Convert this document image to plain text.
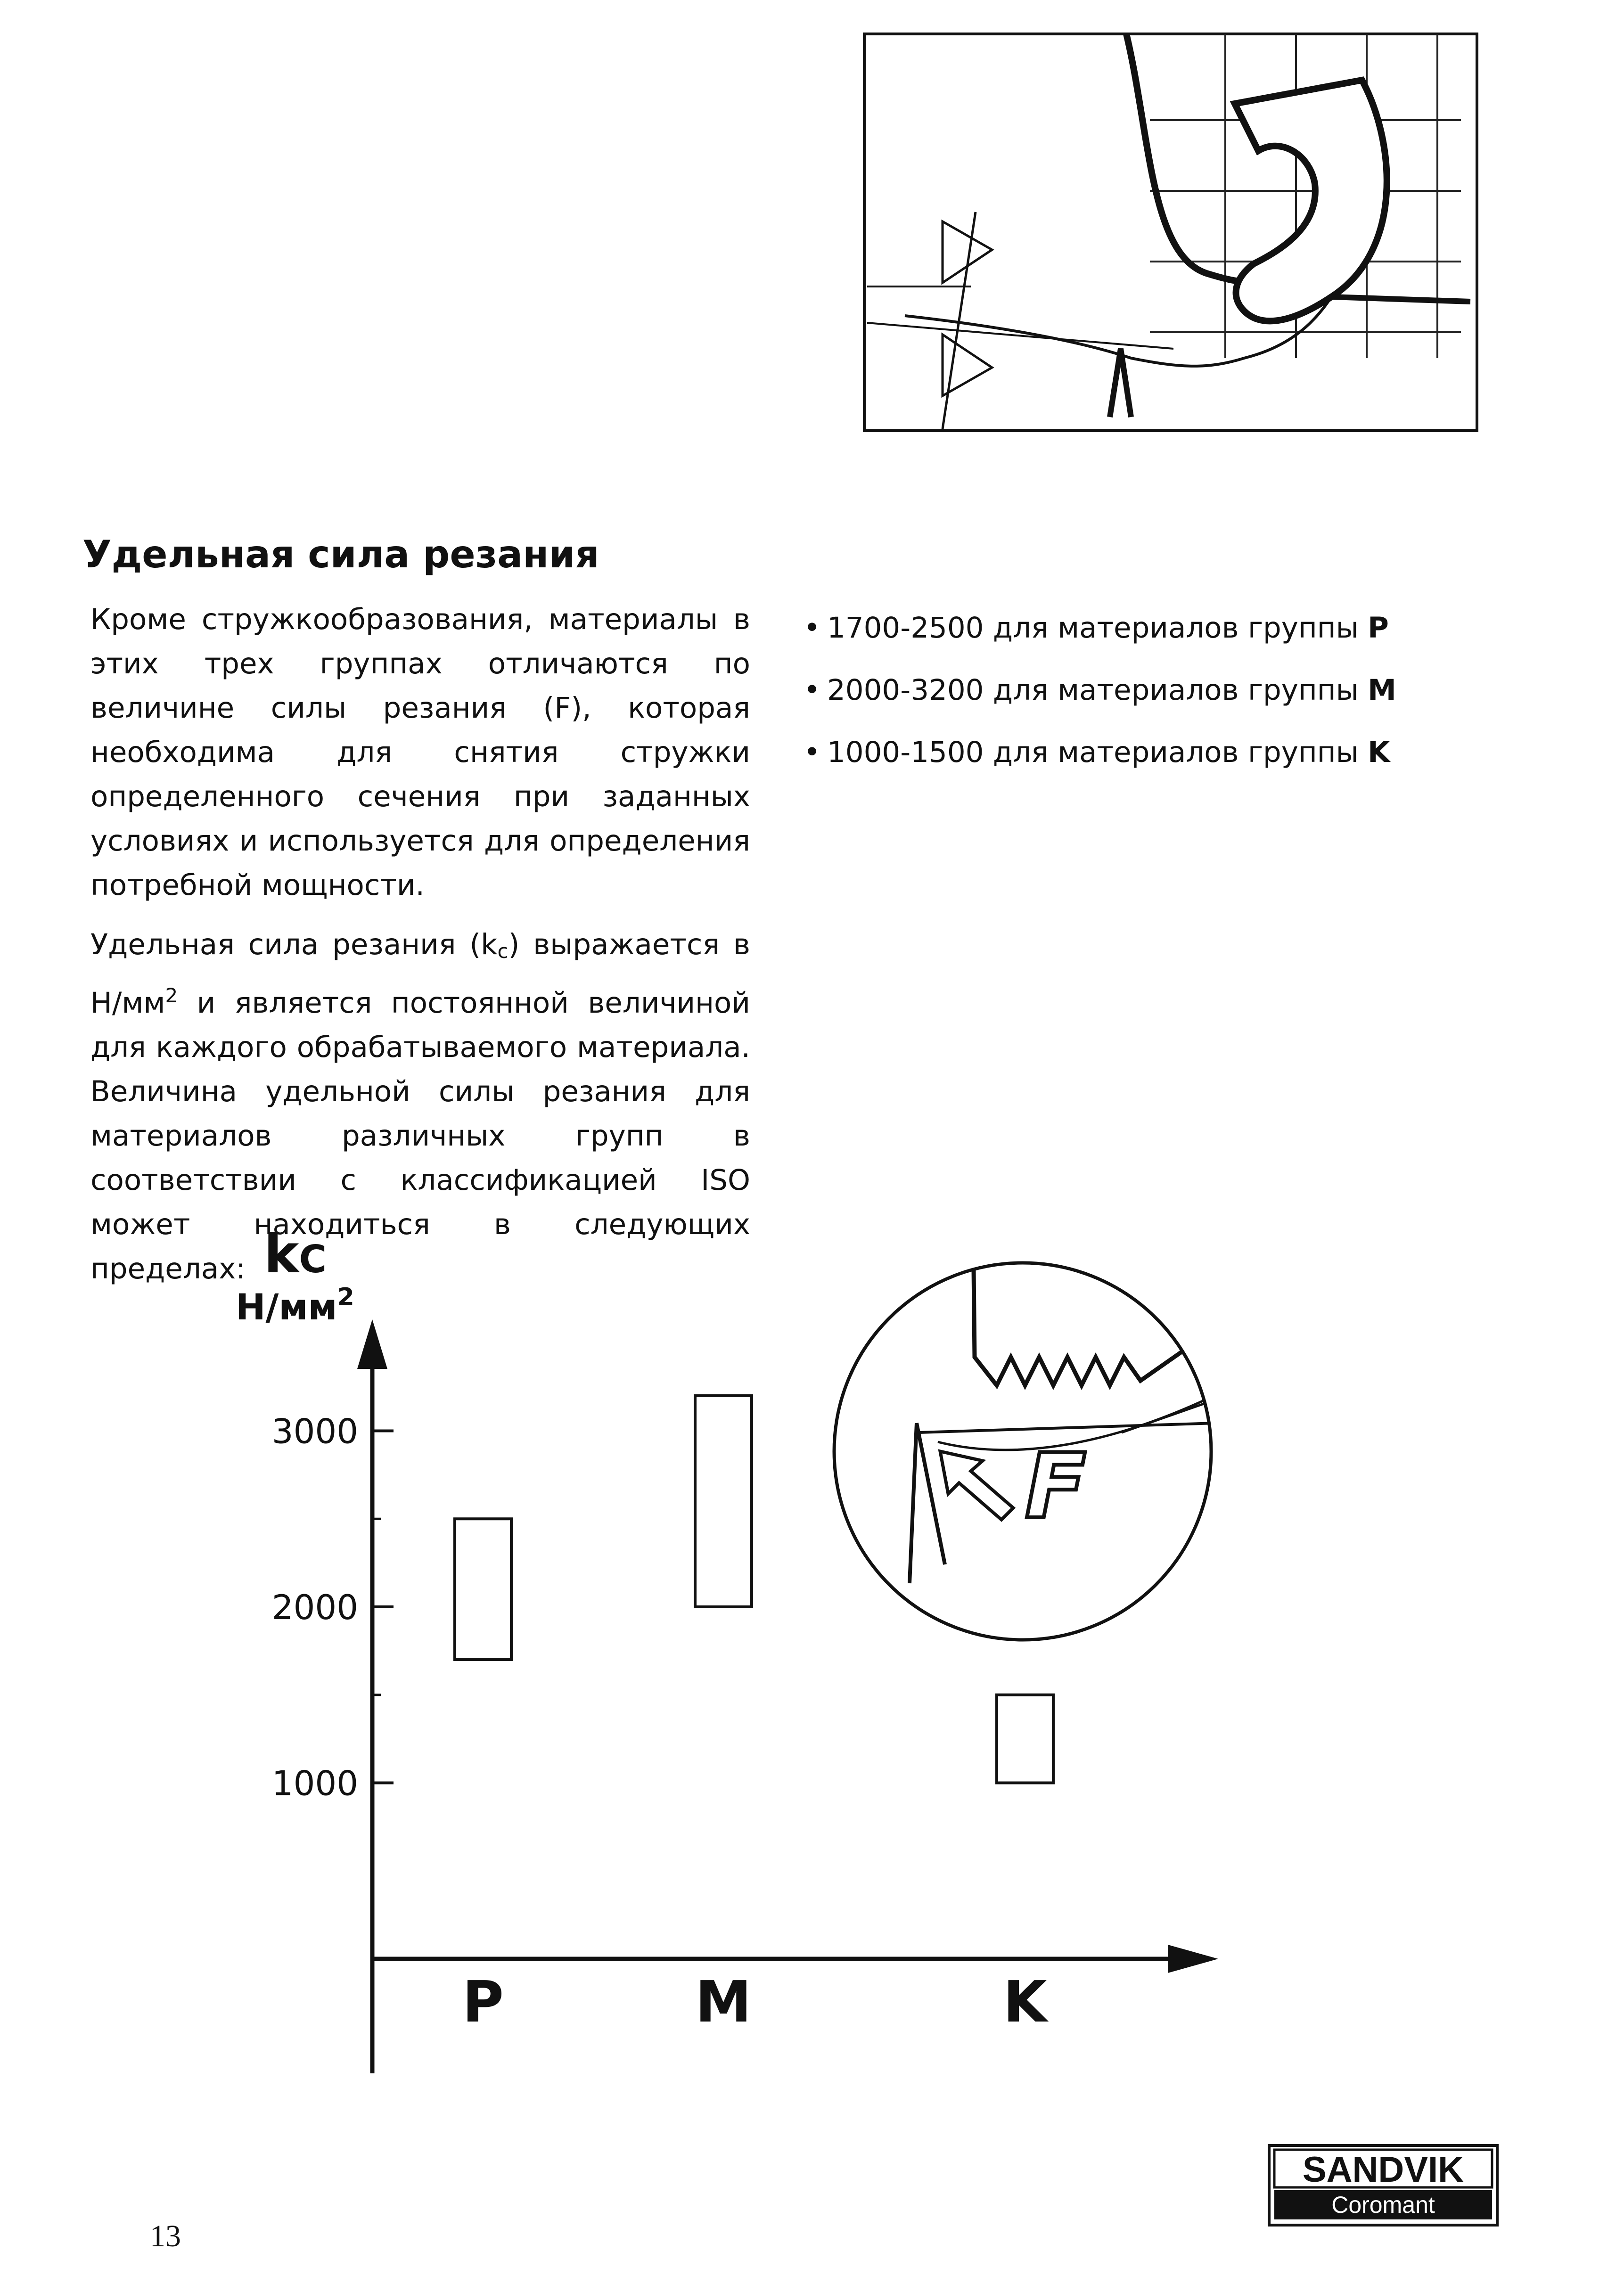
Удельная сила резания

Кроме стружкообразования, материалы в этих трех группах отличаются по величине силы резания (F), которая необходима для снятия стружки определенного сечения при заданных условиях и используется для определения потребной мощности.

Удельная сила резания $(k_c)$ выражается в $Н/мм^2$ и является постоянной величиной для каждого обрабатываемого материала. Величина удельной силы резания для материалов различных групп в соответствии с классификацией ISO может находиться в следующих пределах:

• 1700-2500 для материалов группы P
• 2000-3200 для материалов группы M
• 1000-1500 для материалов группы K
kC
$Н/мм^2$
1000
2000
3000
P	M	K
F
SANDVIK
Coromant
13
